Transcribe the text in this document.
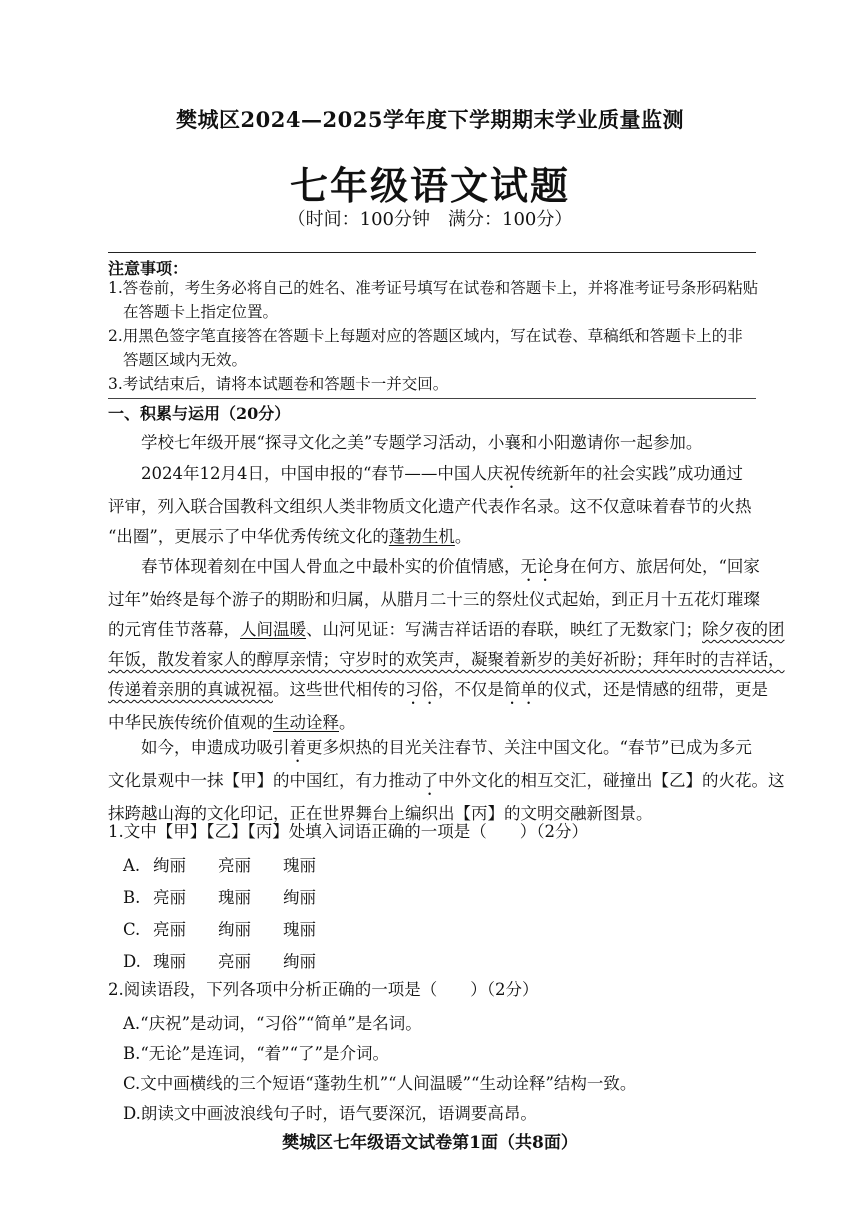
樊城区2024—2025学年度下学期期末学业质量监测
七年级语文试题
（时间：100分钟　满分：100分）
注意事项：
1.答卷前，考生务必将自己的姓名、准考证号填写在试卷和答题卡上，并将准考证号条形码粘贴
在答题卡上指定位置。
2.用黑色签字笔直接答在答题卡上每题对应的答题区域内，写在试卷、草稿纸和答题卡上的非
答题区域内无效。
3.考试结束后，请将本试题卷和答题卡一并交回。
一、积累与运用（20分）
学校七年级开展“探寻文化之美”专题学习活动，小襄和小阳邀请你一起参加。
2024年12月4日，中国申报的“春节——中国人庆祝传统新年的社会实践”成功通过
评审，列入联合国教科文组织人类非物质文化遗产代表作名录。这不仅意味着春节的火热
“出圈”，更展示了中华优秀传统文化的蓬勃生机。
春节体现着刻在中国人骨血之中最朴实的价值情感，无论身在何方、旅居何处，“回家
过年”始终是每个游子的期盼和归属，从腊月二十三的祭灶仪式起始，到正月十五花灯璀璨
的元宵佳节落幕，人间温暖、山河见证：写满吉祥话语的春联，映红了无数家门；除夕夜的团
年饭，散发着家人的醇厚亲情；守岁时的欢笑声，凝聚着新岁的美好祈盼；拜年时的吉祥话，
传递着亲朋的真诚祝福。这些世代相传的习俗，不仅是简单的仪式，还是情感的纽带，更是
中华民族传统价值观的生动诠释。
如今，申遗成功吸引着更多炽热的目光关注春节、关注中国文化。“春节”已成为多元
文化景观中一抹【甲】的中国红，有力推动了中外文化的相互交汇，碰撞出【乙】的火花。这
抹跨越山海的文化印记，正在世界舞台上编织出【丙】的文明交融新图景。
1.文中【甲】【乙】【丙】处填入词语正确的一项是（　　）（2分）
A. 绚丽 亮丽 瑰丽
B. 亮丽 瑰丽 绚丽
C. 亮丽 绚丽 瑰丽
D. 瑰丽 亮丽 绚丽
2.阅读语段，下列各项中分析正确的一项是（　　）（2分）
A.“庆祝”是动词，“习俗”“简单”是名词。
B.“无论”是连词，“着”“了”是介词。
C.文中画横线的三个短语“蓬勃生机”“人间温暖”“生动诠释”结构一致。
D.朗读文中画波浪线句子时，语气要深沉，语调要高昂。
樊城区七年级语文试卷第1面（共8面）
